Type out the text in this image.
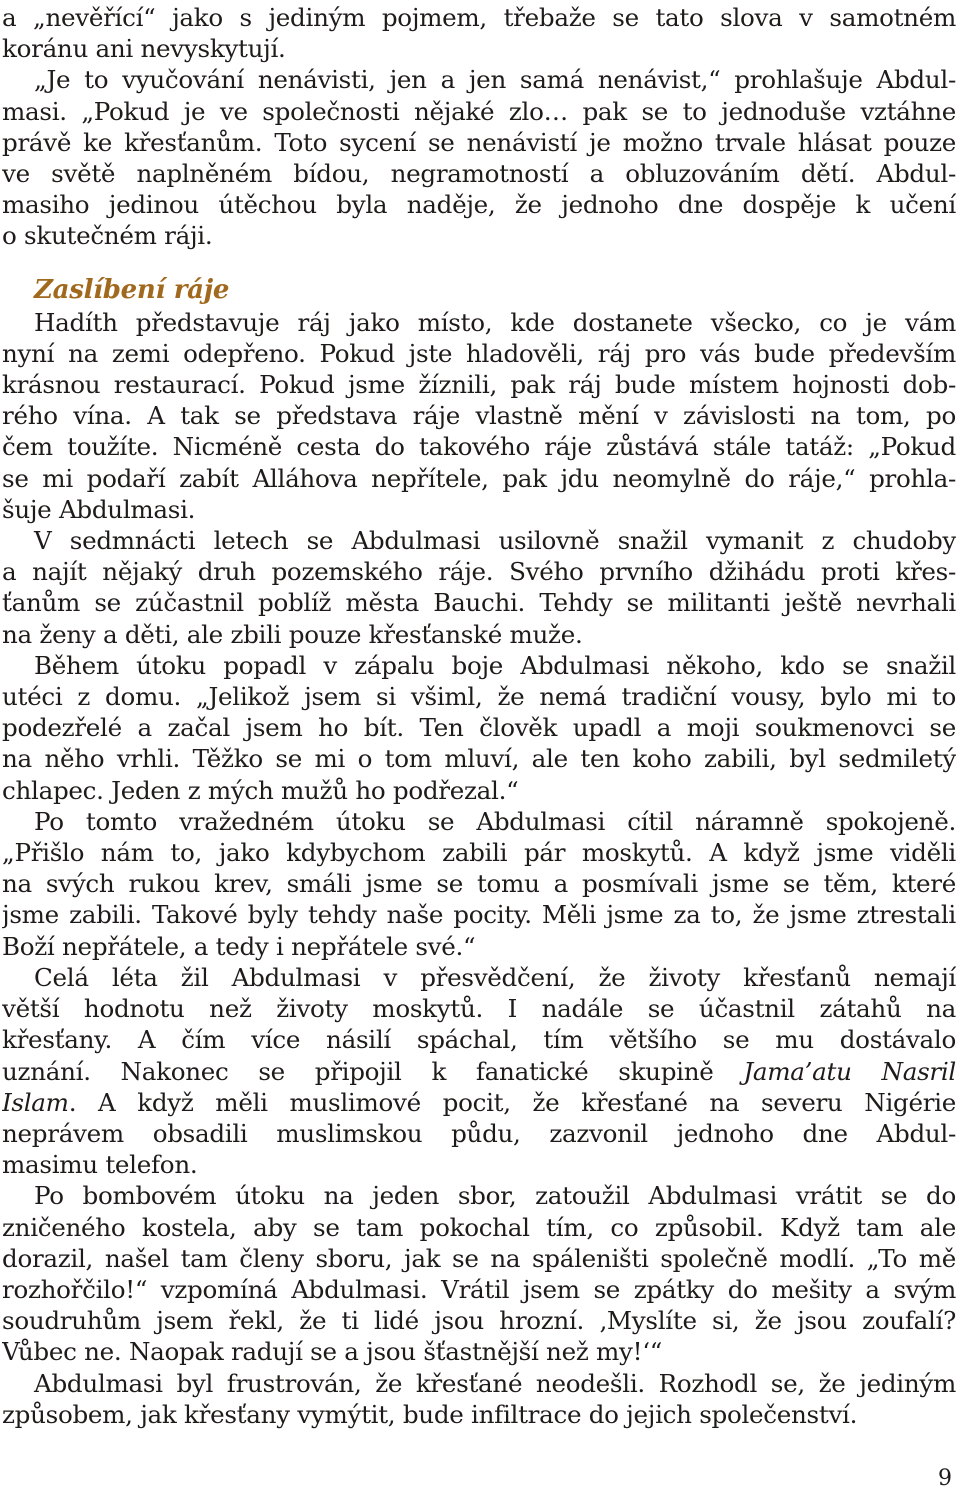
a „nevěřící“ jako s jediným pojmem, třebaže se tato slova v samotném
koránu ani nevyskytují.
„Je to vyučování nenávisti, jen a jen samá nenávist,“ prohlašuje Abdul-
masi. „Pokud je ve společnosti nějaké zlo… pak se to jednoduše vztáhne
právě ke křesťanům. Toto sycení se nenávistí je možno trvale hlásat pouze
ve světě naplněném bídou, negramotností a obluzováním dětí. Abdul-
masiho jedinou útěchou byla naděje, že jednoho dne dospěje k učení
o skutečném ráji.
Zaslíbení ráje
Hadíth představuje ráj jako místo, kde dostanete všecko, co je vám
nyní na zemi odepřeno. Pokud jste hladověli, ráj pro vás bude především
krásnou restaurací. Pokud jsme žíznili, pak ráj bude místem hojnosti dob-
rého vína. A tak se představa ráje vlastně mění v závislosti na tom, po
čem toužíte. Nicméně cesta do takového ráje zůstává stále tatáž: „Pokud
se mi podaří zabít Alláhova nepřítele, pak jdu neomylně do ráje,“ prohla-
šuje Abdulmasi.
V sedmnácti letech se Abdulmasi usilovně snažil vymanit z chudoby
a najít nějaký druh pozemského ráje. Svého prvního džihádu proti křes-
ťanům se zúčastnil poblíž města Bauchi. Tehdy se militanti ještě nevrhali
na ženy a děti, ale zbili pouze křesťanské muže.
Během útoku popadl v zápalu boje Abdulmasi někoho, kdo se snažil
utéci z domu. „Jelikož jsem si všiml, že nemá tradiční vousy, bylo mi to
podezřelé a začal jsem ho bít. Ten člověk upadl a moji soukmenovci se
na něho vrhli. Těžko se mi o tom mluví, ale ten koho zabili, byl sedmiletý
chlapec. Jeden z mých mužů ho podřezal.“
Po tomto vražedném útoku se Abdulmasi cítil náramně spokojeně.
„Přišlo nám to, jako kdybychom zabili pár moskytů. A když jsme viděli
na svých rukou krev, smáli jsme se tomu a posmívali jsme se těm, které
jsme zabili. Takové byly tehdy naše pocity. Měli jsme za to, že jsme ztrestali
Boží nepřátele, a tedy i nepřátele své.“
Celá léta žil Abdulmasi v přesvědčení, že životy křesťanů nemají
větší hodnotu než životy moskytů. I nadále se účastnil zátahů na
křesťany. A čím více násilí spáchal, tím většího se mu dostávalo
uznání. Nakonec se připojil k fanatické skupině Jama’atu Nasril
Islam. A když měli muslimové pocit, že křesťané na severu Nigérie
neprávem obsadili muslimskou půdu, zazvonil jednoho dne Abdul-
masimu telefon.
Po bombovém útoku na jeden sbor, zatoužil Abdulmasi vrátit se do
zničeného kostela, aby se tam pokochal tím, co způsobil. Když tam ale
dorazil, našel tam členy sboru, jak se na spáleništi společně modlí. „To mě
rozhořčilo!“ vzpomíná Abdulmasi. Vrátil jsem se zpátky do mešity a svým
soudruhům jsem řekl, že ti lidé jsou hrozní. ‚Myslíte si, že jsou zoufalí?
Vůbec ne. Naopak radují se a jsou šťastnější než my!‘“
Abdulmasi byl frustrován, že křesťané neodešli. Rozhodl se, že jediným
způsobem, jak křesťany vymýtit, bude infiltrace do jejich společenství.
9
